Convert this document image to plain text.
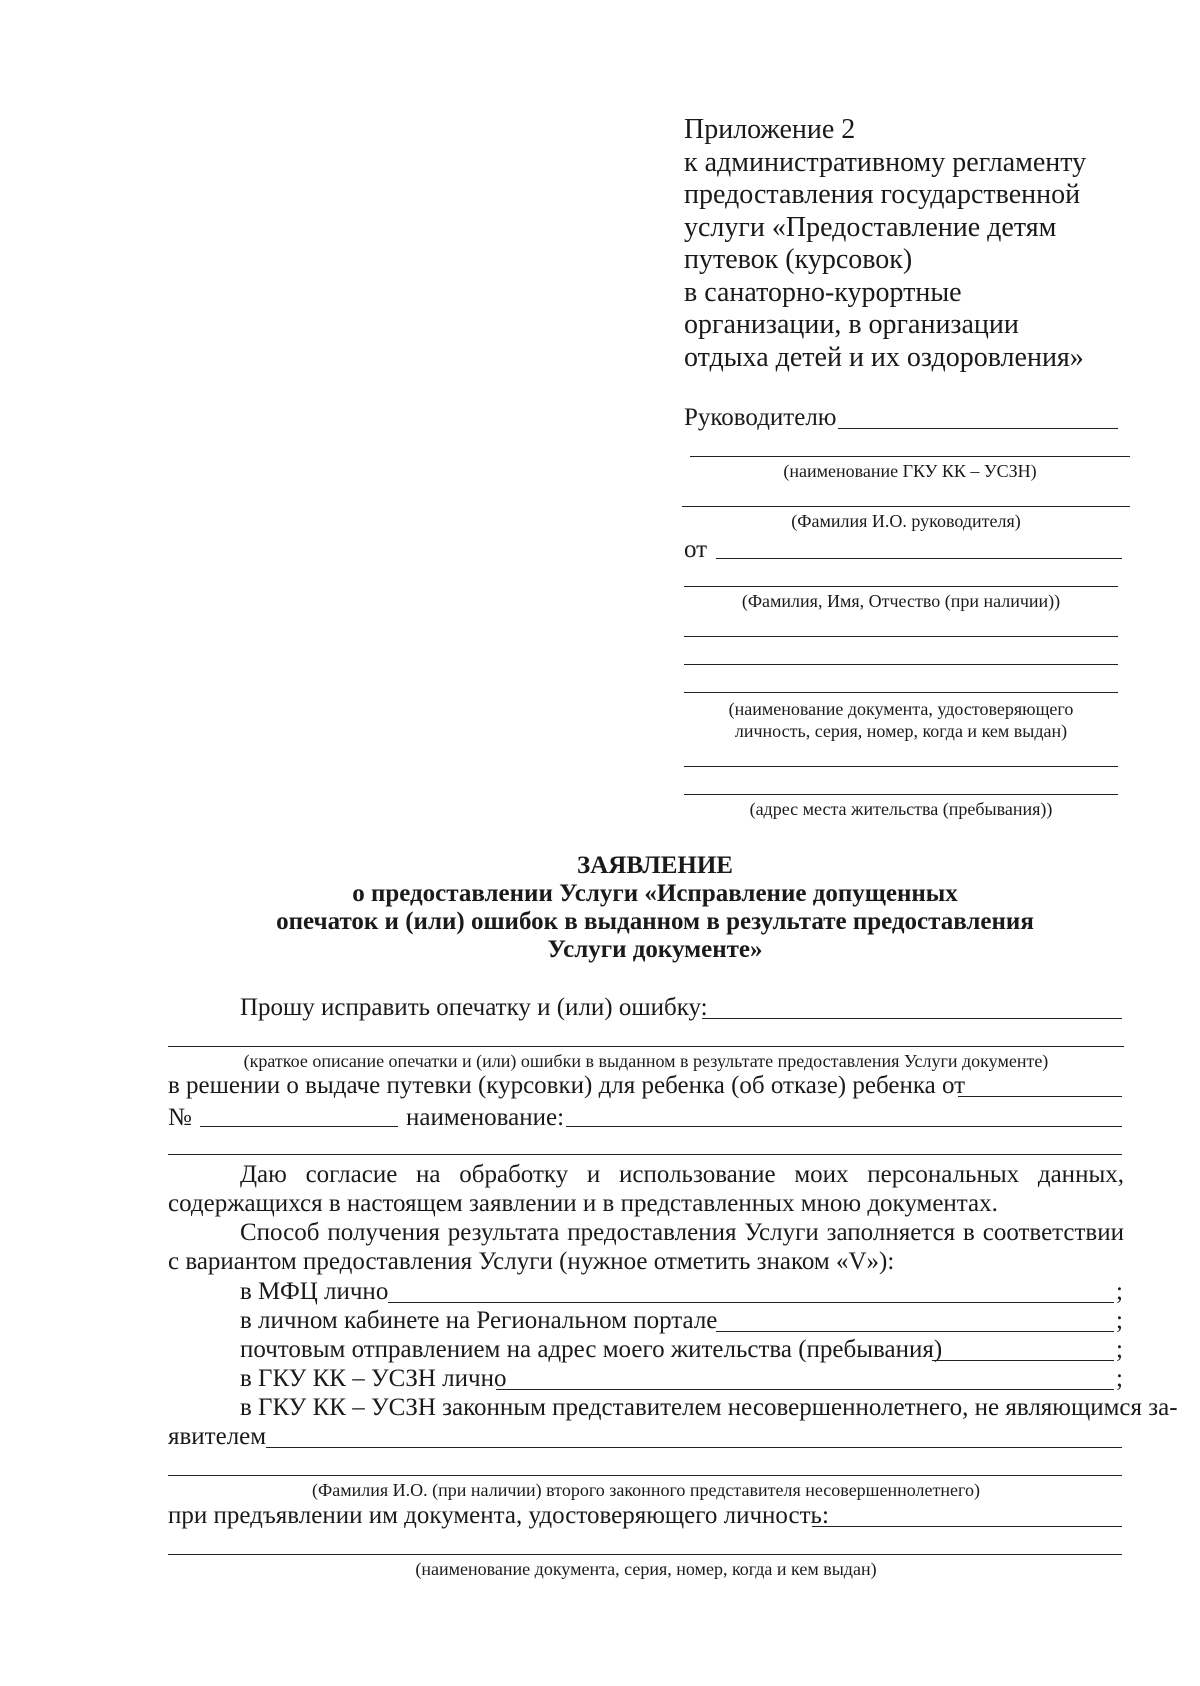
Приложение 2

к административному регламенту

предоставления государственной

услуги «Предоставление детям

путевок (курсовок)

в санаторно-курортные

организации, в организации

отдыха детей и их оздоровления»

Руководителю
(наименование ГКУ КК – УСЗН)
(Фамилия И.О. руководителя)
от
(Фамилия, Имя, Отчество (при наличии))
(наименование документа, удостоверяющего
личность, серия, номер, когда и кем выдан)
(адрес места жительства (пребывания))
ЗАЯВЛЕНИЕ
о предоставлении Услуги «Исправление допущенных
опечаток и (или) ошибок в выданном в результате предоставления
Услуги документе»
Прошу исправить опечатку и (или) ошибку:
(краткое описание опечатки и (или) ошибки в выданном в результате предоставления Услуги документе)
в решении о выдаче путевки (курсовки) для ребенка (об отказе) ребенка от
№	наименование:
Даю согласие на обработку и использование моих персональных данных, содержащихся в настоящем заявлении и в представленных мною документах.
Способ получения результата предоставления Услуги заполняется в соответствии с вариантом предоставления Услуги (нужное отметить знаком «V»):
в МФЦ лично	;
в личном кабинете на Региональном портале	;
почтовым отправлением на адрес моего жительства (пребывания)	;
в ГКУ КК – УСЗН лично	;
в ГКУ КК – УСЗН законным представителем несовершеннолетнего, не являющимся за-
явителем
(Фамилия И.О. (при наличии) второго законного представителя несовершеннолетнего)
при предъявлении им документа, удостоверяющего личность:
(наименование документа, серия, номер, когда и кем выдан)
